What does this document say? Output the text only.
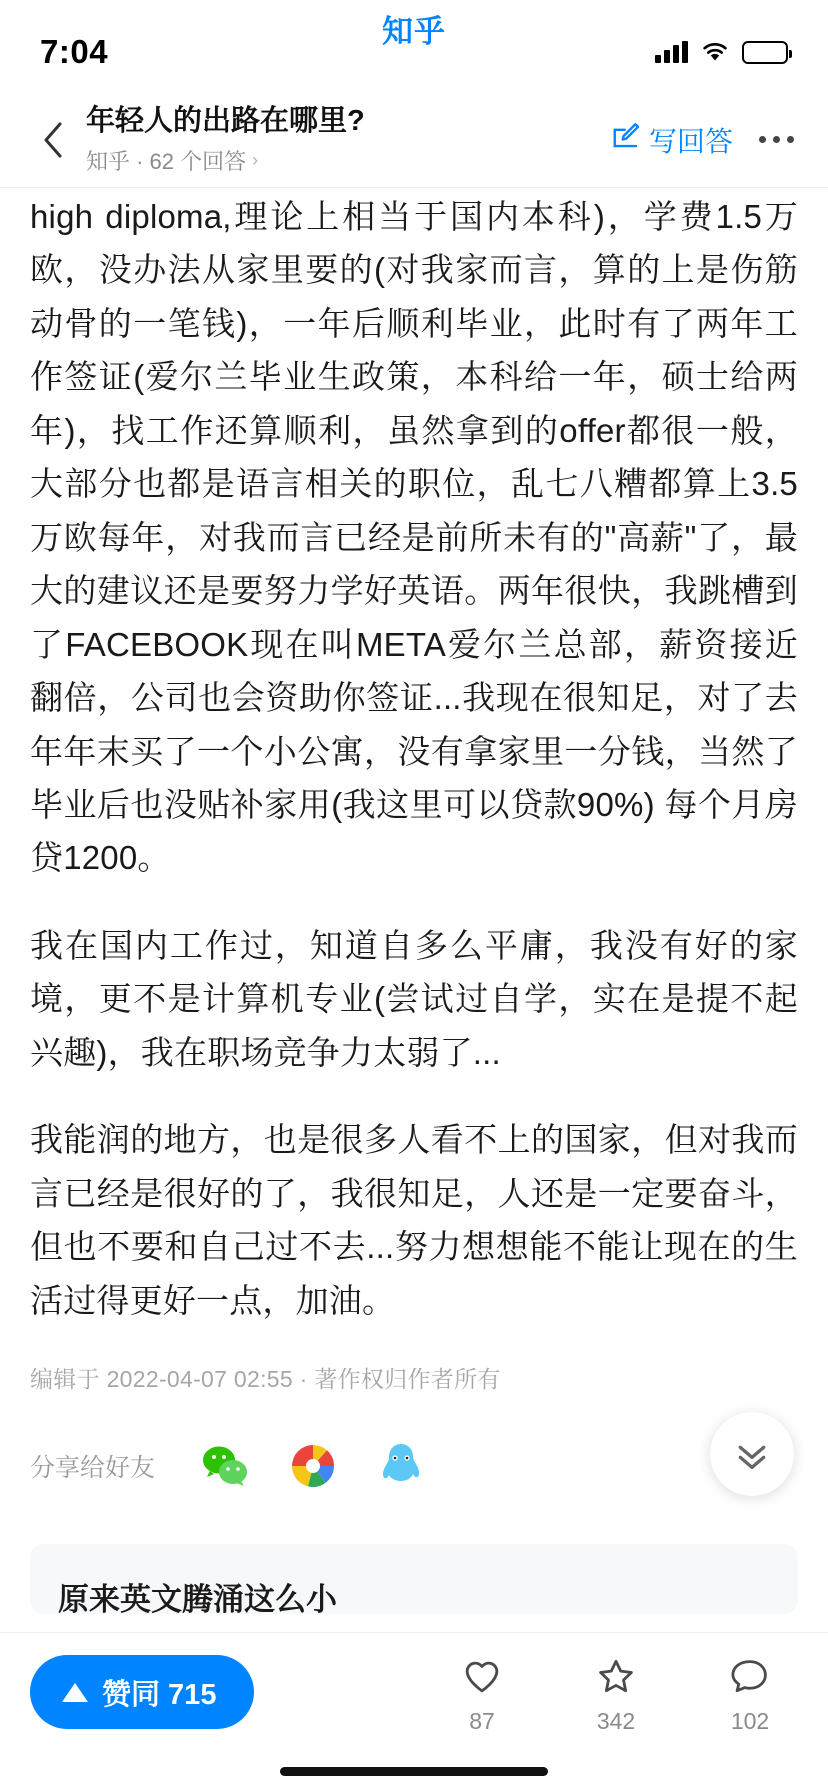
7:04
知乎
⚡
年轻人的出路在哪里?
知乎 · 62 个回答 ›
写回答

high diploma,理论上相当于国内本科)，学费1.5万欧，没办法从家里要的(对我家而言，算的上是伤筋动骨的一笔钱)，一年后顺利毕业，此时有了两年工作签证(爱尔兰毕业生政策，本科给一年，硕士给两年)，找工作还算顺利，虽然拿到的offer都很一般，大部分也都是语言相关的职位，乱七八糟都算上3.5万欧每年，对我而言已经是前所未有的"高薪"了，最大的建议还是要努力学好英语。两年很快，我跳槽到了FACEBOOK现在叫META爱尔兰总部，薪资接近翻倍，公司也会资助你签证...我现在很知足，对了去年年末买了一个小公寓，没有拿家里一分钱，当然了毕业后也没贴补家用(我这里可以贷款90%) 每个月房贷1200。

我在国内工作过，知道自多么平庸，我没有好的家境，更不是计算机专业(尝试过自学，实在是提不起兴趣)，我在职场竞争力太弱了...

我能润的地方，也是很多人看不上的国家，但对我而言已经是很好的了，我很知足，人还是一定要奋斗，但也不要和自己过不去...努力想想能不能让现在的生活过得更好一点，加油。

编辑于 2022-04-07 02:55 · 著作权归作者所有
分享给好友
原来英文腾涌这么小
赞同 715
87	342	102
